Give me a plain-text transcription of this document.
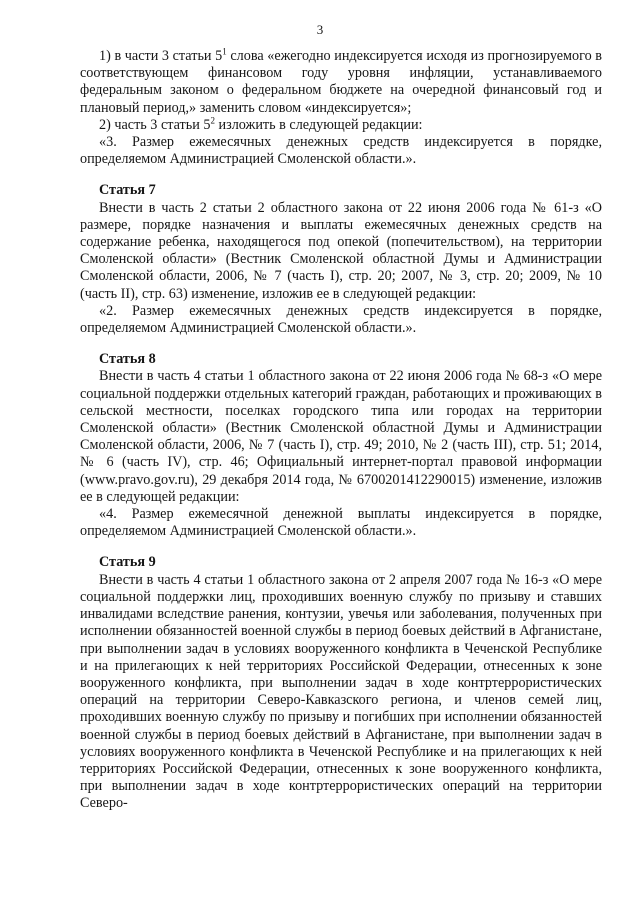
3

1) в части 3 статьи $5^1$ слова «ежегодно индексируется исходя из прогнозируемого в соответствующем финансовом году уровня инфляции, устанавливаемого федеральным законом о федеральном бюджете на очередной финансовый год и плановый период,» заменить словом «индексируется»;

2) часть 3 статьи $5^2$ изложить в следующей редакции:

«3. Размер ежемесячных денежных средств индексируется в порядке, определяемом Администрацией Смоленской области.».

Статья 7

Внести в часть 2 статьи 2 областного закона от 22 июня 2006 года № 61-з «О размере, порядке назначения и выплаты ежемесячных денежных средств на содержание ребенка, находящегося под опекой (попечительством), на территории Смоленской области» (Вестник Смоленской областной Думы и Администрации Смоленской области, 2006, № 7 (часть I), стр. 20; 2007, № 3, стр. 20; 2009, № 10 (часть II), стр. 63) изменение, изложив ее в следующей редакции:

«2. Размер ежемесячных денежных средств индексируется в порядке, определяемом Администрацией Смоленской области.».

Статья 8

Внести в часть 4 статьи 1 областного закона от 22 июня 2006 года № 68-з «О мере социальной поддержки отдельных категорий граждан, работающих и проживающих в сельской местности, поселках городского типа или городах на территории Смоленской области» (Вестник Смоленской областной Думы и Администрации Смоленской области, 2006, № 7 (часть I), стр. 49; 2010, № 2 (часть III), стр. 51; 2014, № 6 (часть IV), стр. 46; Официальный интернет-портал правовой информации (www.pravo.gov.ru), 29 декабря 2014 года, № 6700201412290015) изменение, изложив ее в следующей редакции:

«4. Размер ежемесячной денежной выплаты индексируется в порядке, определяемом Администрацией Смоленской области.».

Статья 9

Внести в часть 4 статьи 1 областного закона от 2 апреля 2007 года № 16-з «О мере социальной поддержки лиц, проходивших военную службу по призыву и ставших инвалидами вследствие ранения, контузии, увечья или заболевания, полученных при исполнении обязанностей военной службы в период боевых действий в Афганистане, при выполнении задач в условиях вооруженного конфликта в Чеченской Республике и на прилегающих к ней территориях Российской Федерации, отнесенных к зоне вооруженного конфликта, при выполнении задач в ходе контртеррористических операций на территории Северо-Кавказского региона, и членов семей лиц, проходивших военную службу по призыву и погибших при исполнении обязанностей военной службы в период боевых действий в Афганистане, при выполнении задач в условиях вооруженного конфликта в Чеченской Республике и на прилегающих к ней территориях Российской Федерации, отнесенных к зоне вооруженного конфликта, при выполнении задач в ходе контртеррористических операций на территории Северо-
